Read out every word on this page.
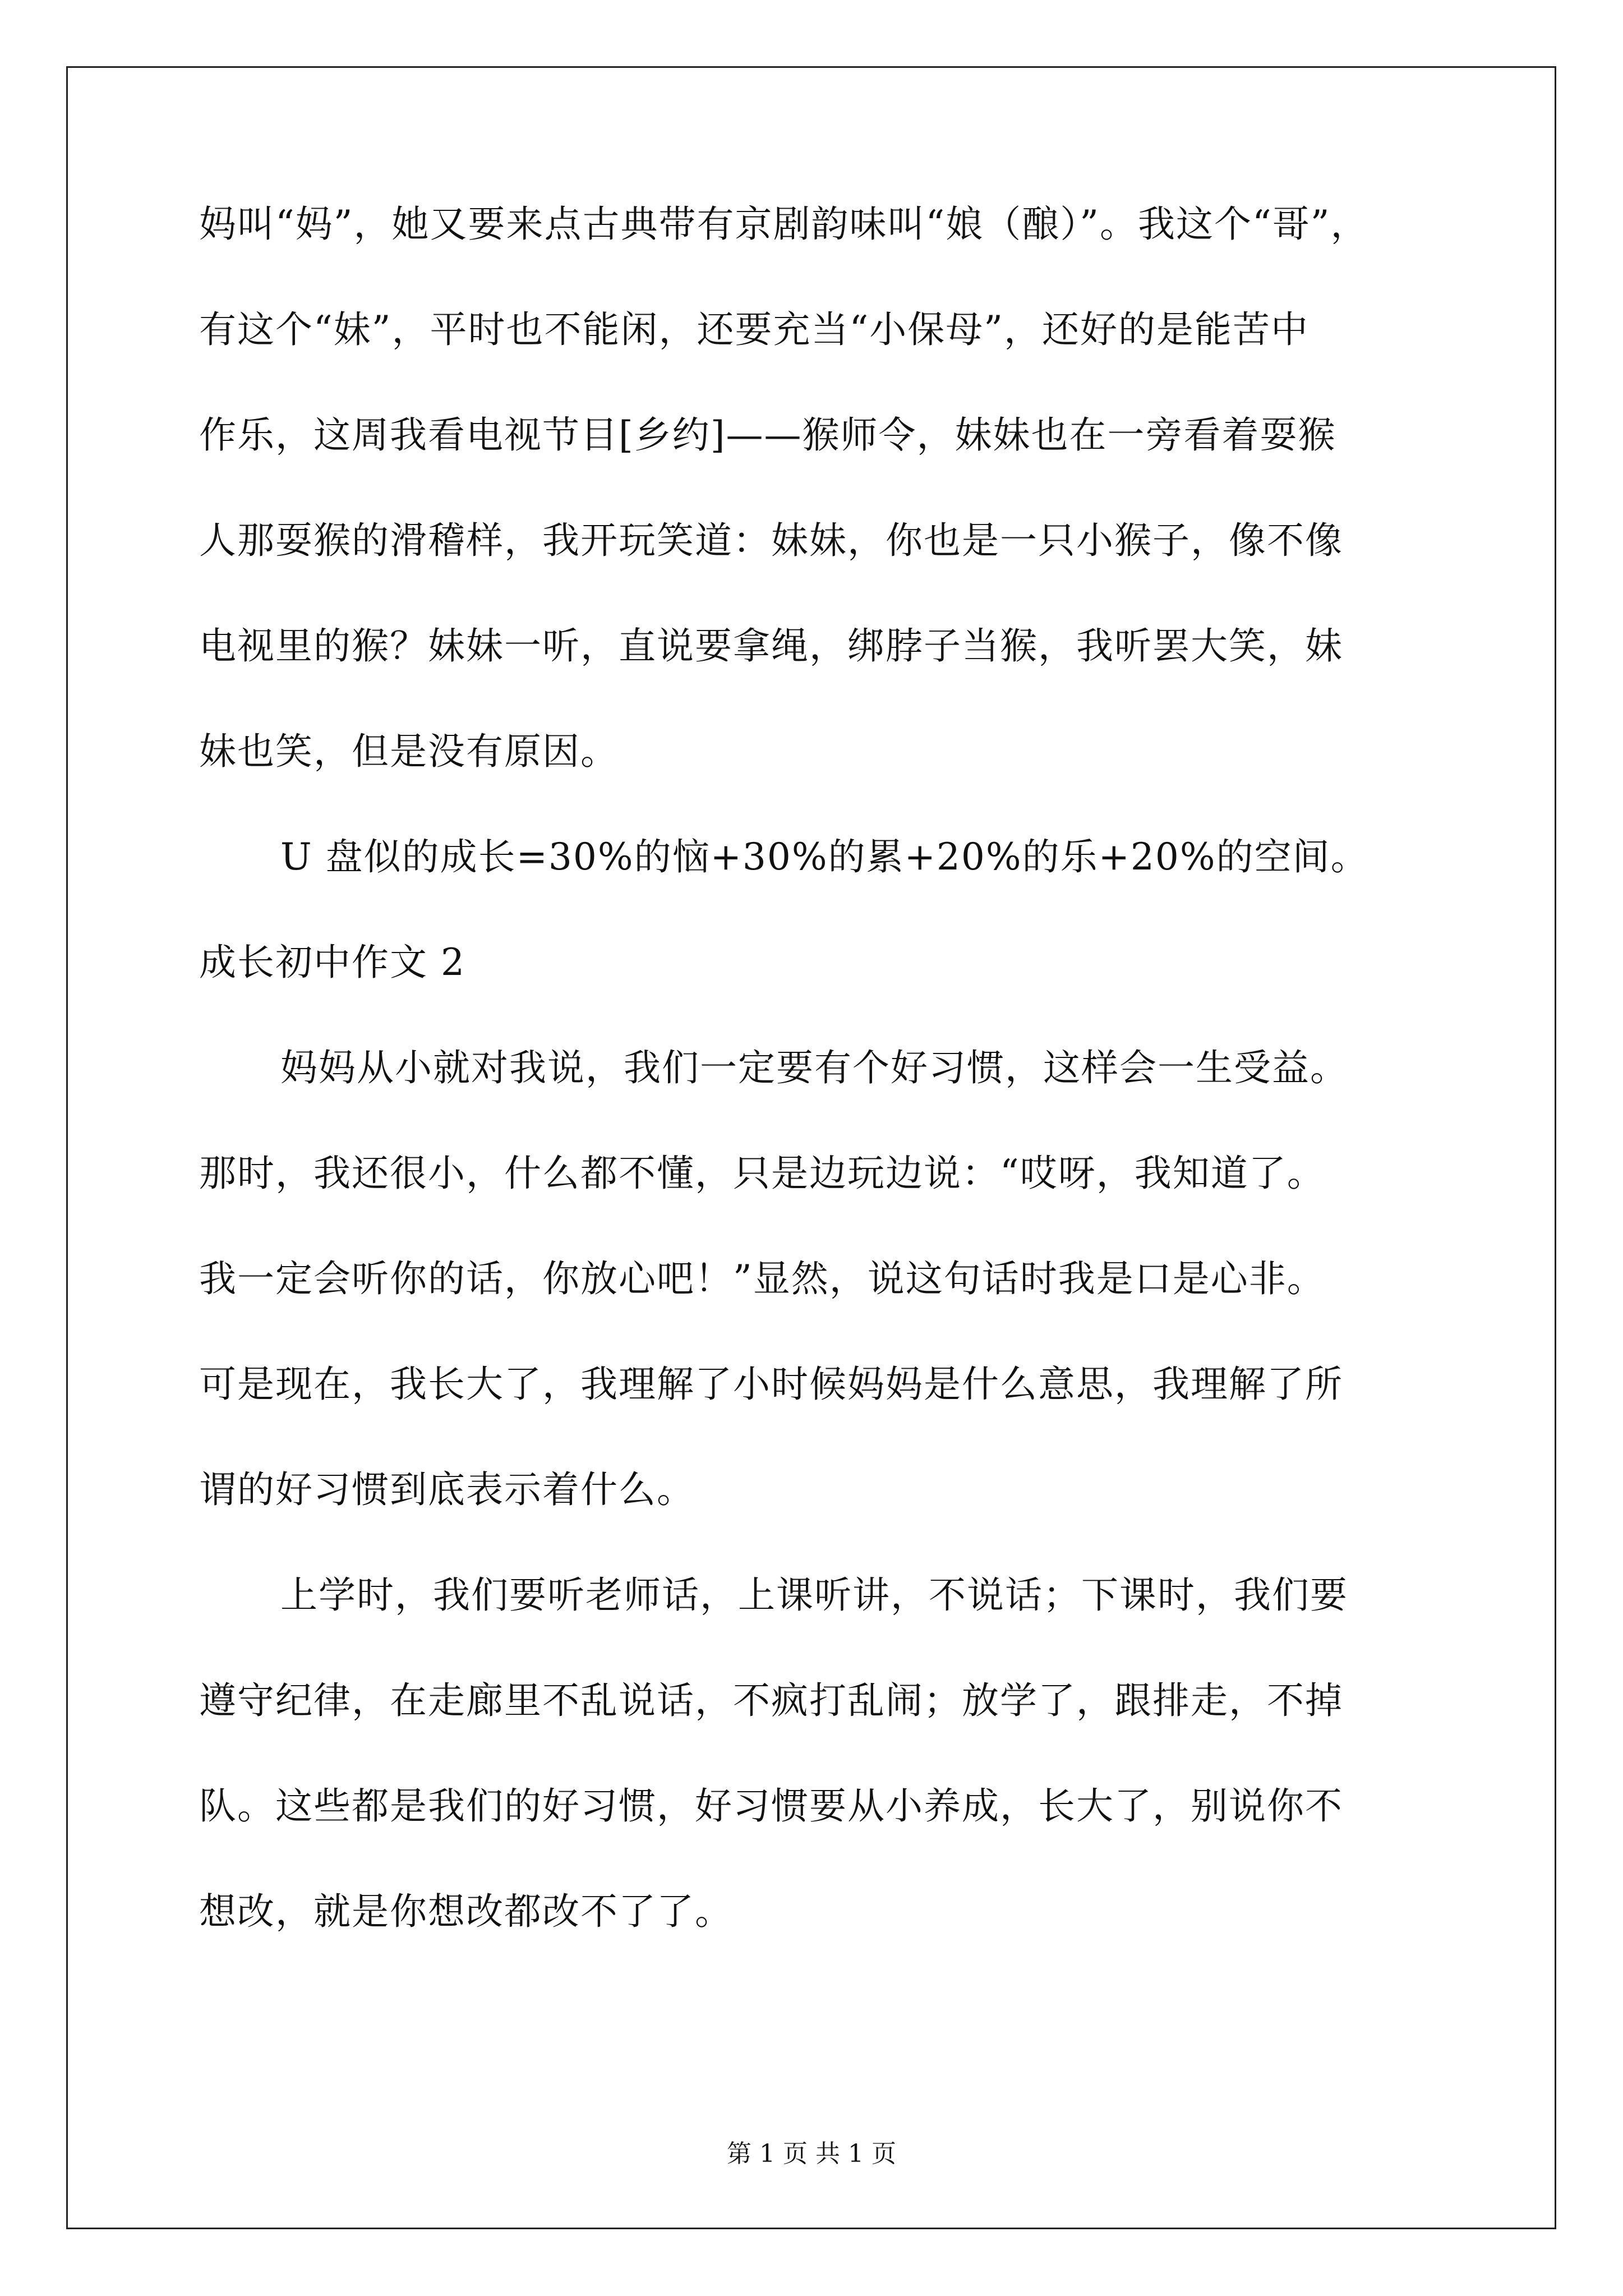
妈叫“妈”，她又要来点古典带有京剧韵味叫“娘（酿）”。我这个“哥”，
有这个“妹”，平时也不能闲，还要充当“小保母”，还好的是能苦中
作乐，这周我看电视节目[乡约]——猴师令，妹妹也在一旁看着耍猴
人那耍猴的滑稽样，我开玩笑道：妹妹，你也是一只小猴子，像不像
电视里的猴？妹妹一听，直说要拿绳，绑脖子当猴，我听罢大笑，妹
妹也笑，但是没有原因。
U 盘似的成长=30%的恼+30%的累+20%的乐+20%的空间。
成长初中作文 2
妈妈从小就对我说，我们一定要有个好习惯，这样会一生受益。
那时，我还很小，什么都不懂，只是边玩边说：“哎呀，我知道了。
我一定会听你的话，你放心吧！”显然，说这句话时我是口是心非。
可是现在，我长大了，我理解了小时候妈妈是什么意思，我理解了所
谓的好习惯到底表示着什么。
上学时，我们要听老师话，上课听讲，不说话；下课时，我们要
遵守纪律，在走廊里不乱说话，不疯打乱闹；放学了，跟排走，不掉
队。这些都是我们的好习惯，好习惯要从小养成，长大了，别说你不
想改，就是你想改都改不了了。
第 1 页 共 1 页
